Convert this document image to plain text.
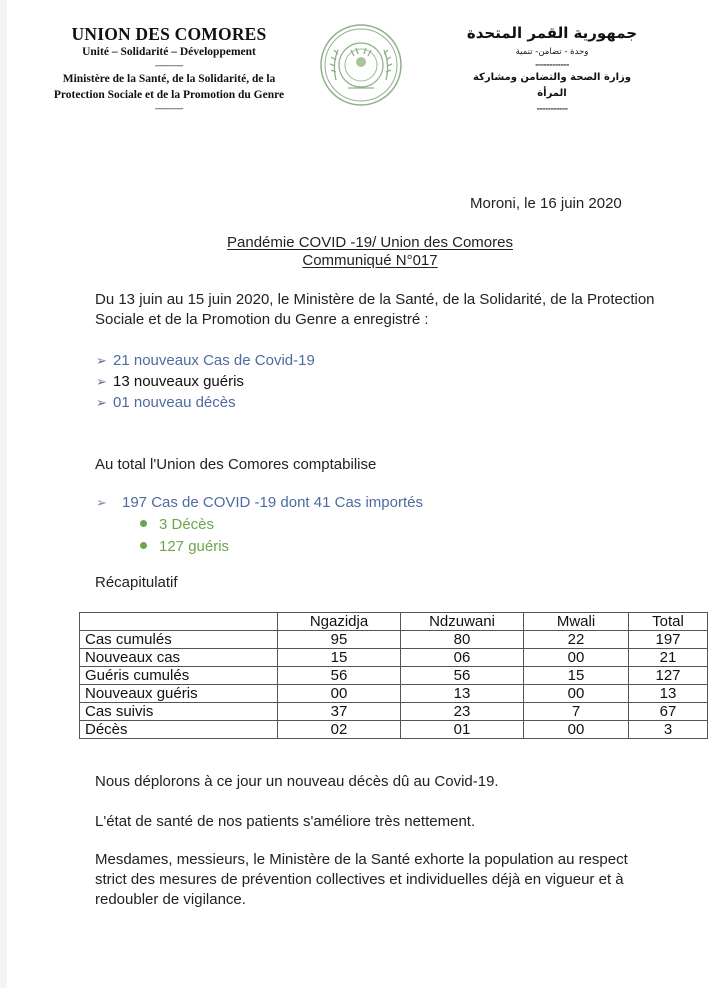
UNION DES COMORES
Unité – Solidarité – Développement
-------------
Ministère de la Santé, de la Solidarité, de la
Protection Sociale et de la Promotion du Genre
-------------
جمهورية القمر المتحدة
وحدة - تضامن- تنمية
------------
وزارة الصحة والتضامن ومشاركة المرأة
-----------
Moroni, le 16 juin 2020
Pandémie COVID -19/ Union des Comores
Communiqué N°017
Du 13 juin au 15 juin 2020, le Ministère de la Santé, de la Solidarité, de la Protection Sociale et de la Promotion du Genre a enregistré :
➢ 21 nouveaux Cas de Covid-19
➢ 13 nouveaux guéris
➢ 01 nouveau décès
Au total l'Union des Comores comptabilise
➢ 197 Cas de COVID -19 dont 41 Cas importés
3 Décès
127 guéris
Récapitulatif
	Ngazidja	Ndzuwani	Mwali	Total
Cas cumulés	95	80	22	197
Nouveaux cas	15	06	00	21
Guéris cumulés	56	56	15	127
Nouveaux guéris	00	13	00	13
Cas suivis	37	23	7	67
Décès	02	01	00	3
Nous déplorons à ce jour un nouveau décès dû au Covid-19.
L'état de santé de nos patients s'améliore très nettement.
Mesdames, messieurs, le Ministère de la Santé exhorte la population au respect strict des mesures de prévention collectives et individuelles déjà en vigueur et à redoubler de vigilance.
